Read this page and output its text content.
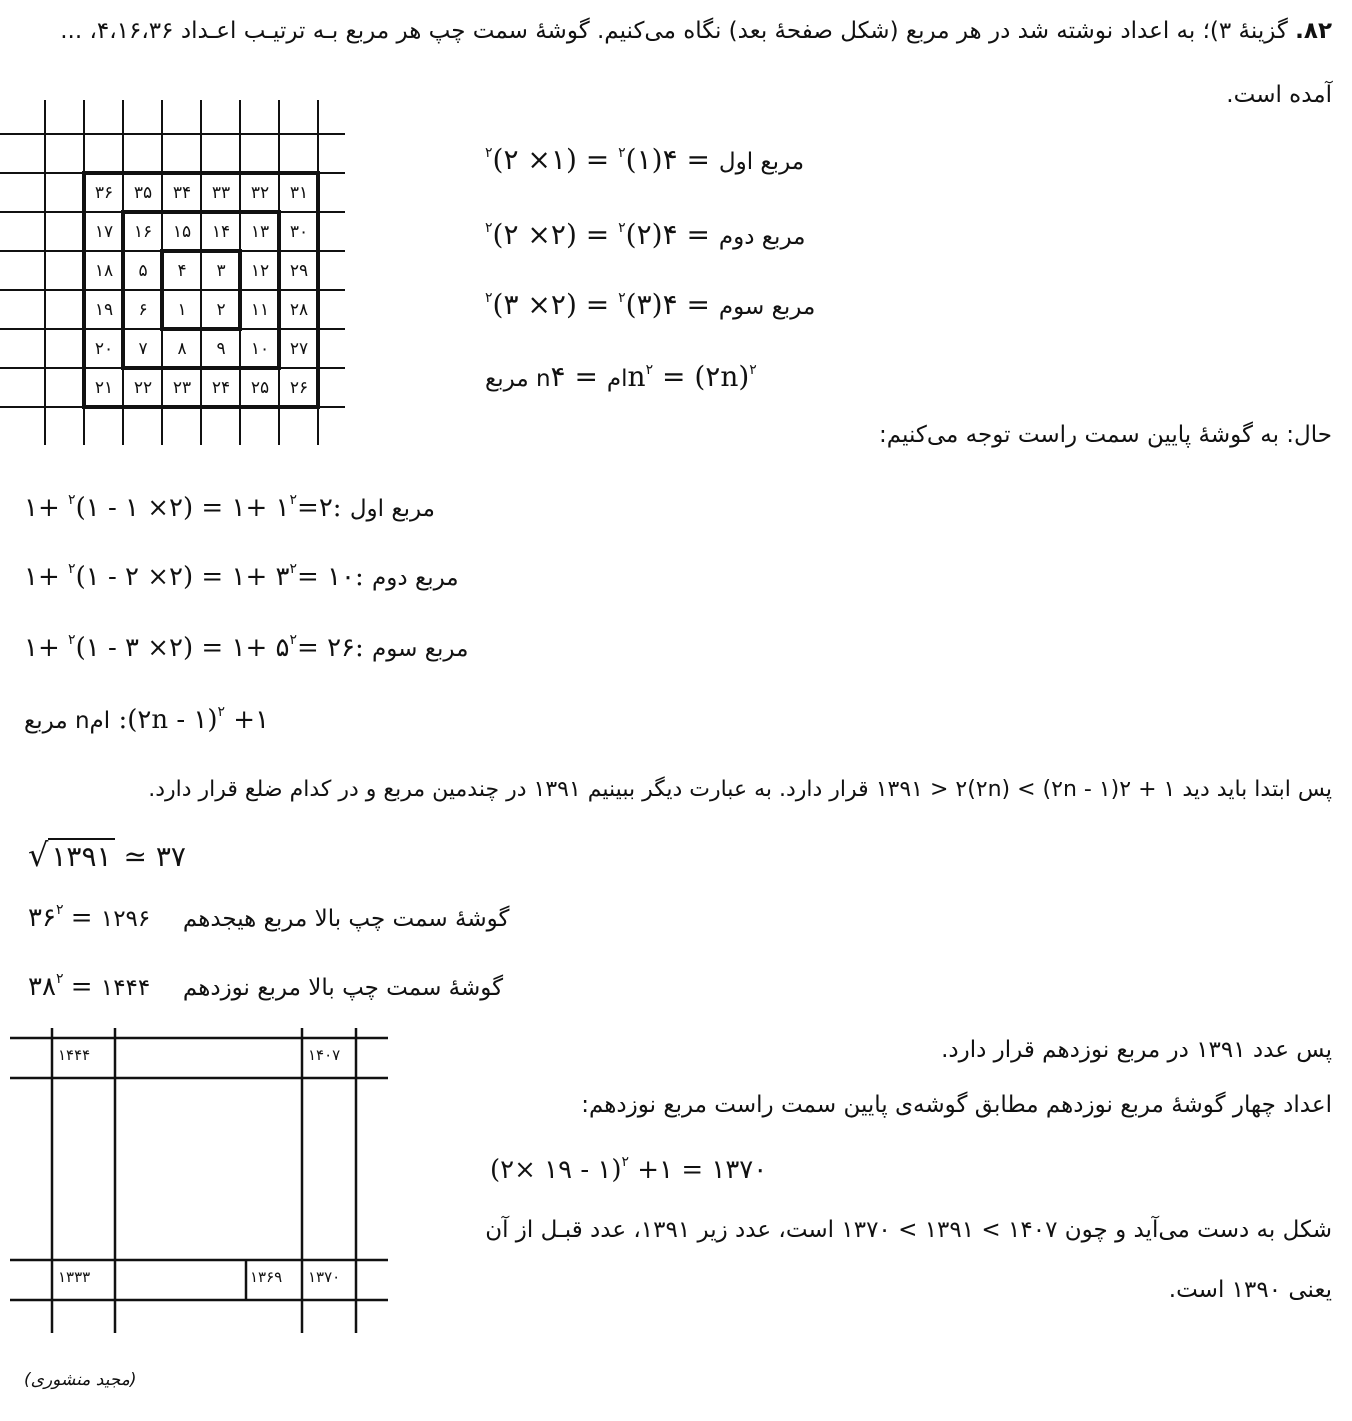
۸۲. گزینهٔ ۳)؛ به اعداد نوشته شد در هر مربع (شکل صفحهٔ بعد) نگاه می‌کنیم. گوشهٔ سمت چپ هر مربع بـه ترتیـب اعـداد ۴،۱۶،۳۶، ...
آمده است.
۳۱
۳۲
۳۳
۳۴
۳۵
۳۶
۳۰
۱۳
۱۴
۱۵
۱۶
۱۷
۲۹
۱۲
۳
۴
۵
۱۸
۲۸
۱۱
۲
۱
۶
۱۹
۲۷
۱۰
۹
۸
۷
۲۰
۲۶
۲۵
۲۴
۲۳
۲۲
۲۱
مربع اول = ۴(۱)$^۲$ = (۱× ۲)$^۲$
مربع دوم = ۴(۲)$^۲$ = (۲× ۲)$^۲$
مربع سوم = ۴(۳)$^۲$ = (۲× ۳)$^۲$
مربع nام = $۴n^۲$ = (۲n)$^۲$
حال: به گوشهٔ پایین سمت راست توجه می‌کنیم:
مربع اول $:۲=۱^۲$ +۱ = (۲× ۱ - ۱)$^۲$ +۱
مربع دوم :۱۰ $=۳^۲$ +۱ = (۲× ۲ - ۱)$^۲$ +۱
مربع سوم :۲۶ $=۵^۲$ +۱ = (۲× ۳ - ۱)$^۲$ +۱
مربع nام :(۲n - ۱)$^۲$ +۱
پس ابتدا باید دید ۱ + ۲(۱ - ۲n) > ۱۳۹۱ > ۲(۲n) قرار دارد. به عبارت دیگر ببینیم ۱۳۹۱ در چندمین مربع و در کدام ضلع قرار دارد.
√ ۱۳۹۱ ≃ ۳۷
$۳۶^۲$ = ۱۲۹۶ گوشهٔ سمت چپ بالا مربع هیجدهم
$۳۸^۲$ = ۱۴۴۴ گوشهٔ سمت چپ بالا مربع نوزدهم
۱۴۴۴	۱۴۰۷
۱۳۳۳	۱۳۶۹ ۱۳۷۰
پس عدد ۱۳۹۱ در مربع نوزدهم قرار دارد.
اعداد چهار گوشهٔ مربع نوزدهم مطابق گوشه‌ی پایین سمت راست مربع نوزدهم:
(۲× ۱۹ - ۱)$^۲$ +۱ = ۱۳۷۰
شکل به دست می‌آید و چون ۱۴۰۷ > ۱۳۹۱ > ۱۳۷۰ است، عدد زیر ۱۳۹۱، عدد قبـل از آن
یعنی ۱۳۹۰ است.
(مجید منشوری)
